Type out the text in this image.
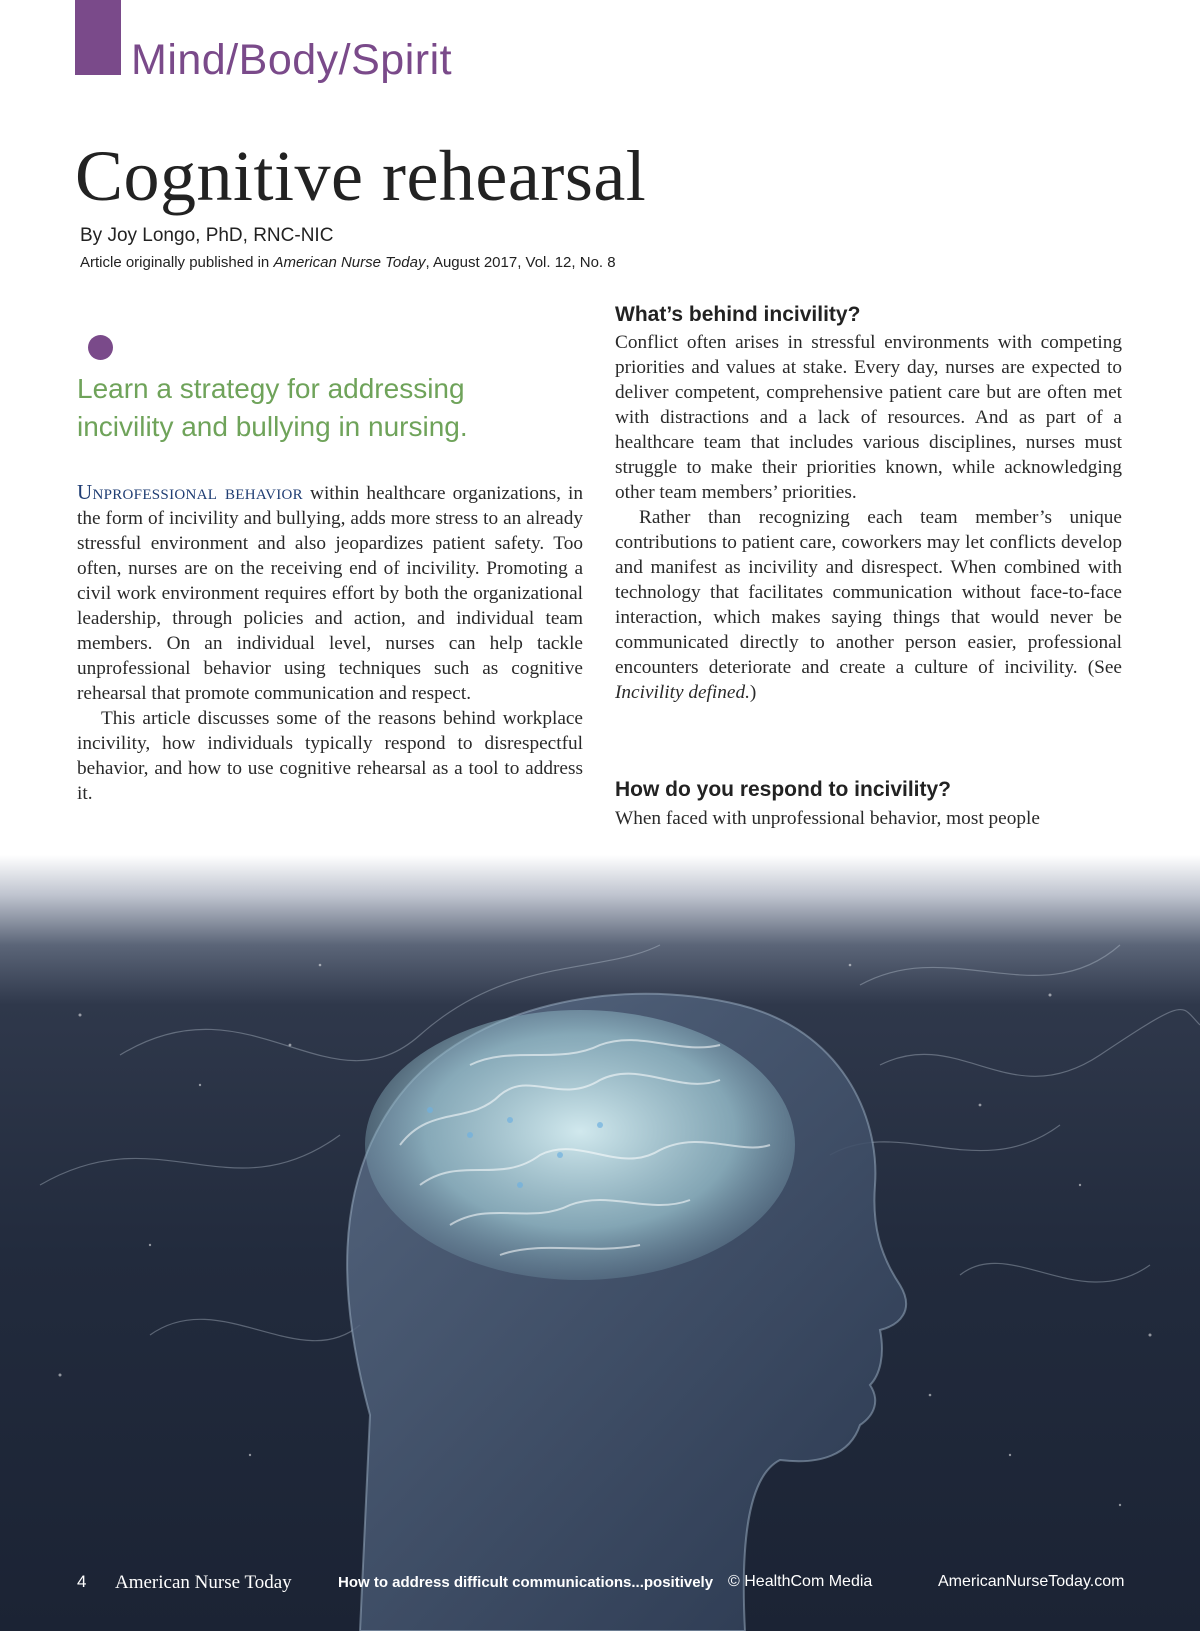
Mind/Body/Spirit
Cognitive rehearsal
By Joy Longo, PhD, RNC-NIC
Article originally published in American Nurse Today, August 2017, Vol. 12, No. 8
Learn a strategy for addressing incivility and bullying in nursing.

Unprofessional behavior within healthcare organizations, in the form of incivility and bullying, adds more stress to an already stressful environment and also jeopardizes patient safety. Too often, nurses are on the receiving end of incivility. Promoting a civil work environment requires effort by both the organizational leadership, through policies and action, and individual team members. On an individual level, nurses can help tackle unprofessional behavior using techniques such as cognitive rehearsal that promote communication and respect.

This article discusses some of the reasons behind workplace incivility, how individuals typically respond to disrespectful behavior, and how to use cognitive rehearsal as a tool to address it.

What’s behind incivility?

Conflict often arises in stressful environments with competing priorities and values at stake. Every day, nurses are expected to deliver competent, comprehensive patient care but are often met with distractions and a lack of resources. And as part of a healthcare team that includes various disciplines, nurses must struggle to make their priorities known, while acknowledging other team members’ priorities.

Rather than recognizing each team member’s unique contributions to patient care, coworkers may let conflicts develop and manifest as incivility and disrespect. When combined with technology that facilitates communication without face-to-face interaction, which makes saying things that would never be communicated directly to another person easier, professional encounters deteriorate and create a culture of incivility. (See Incivility defined.)

How do you respond to incivility?

When faced with unprofessional behavior, most people

4 American Nurse Today	How to address difficult communications...positively © HealthCom Media	AmericanNurseToday.com
